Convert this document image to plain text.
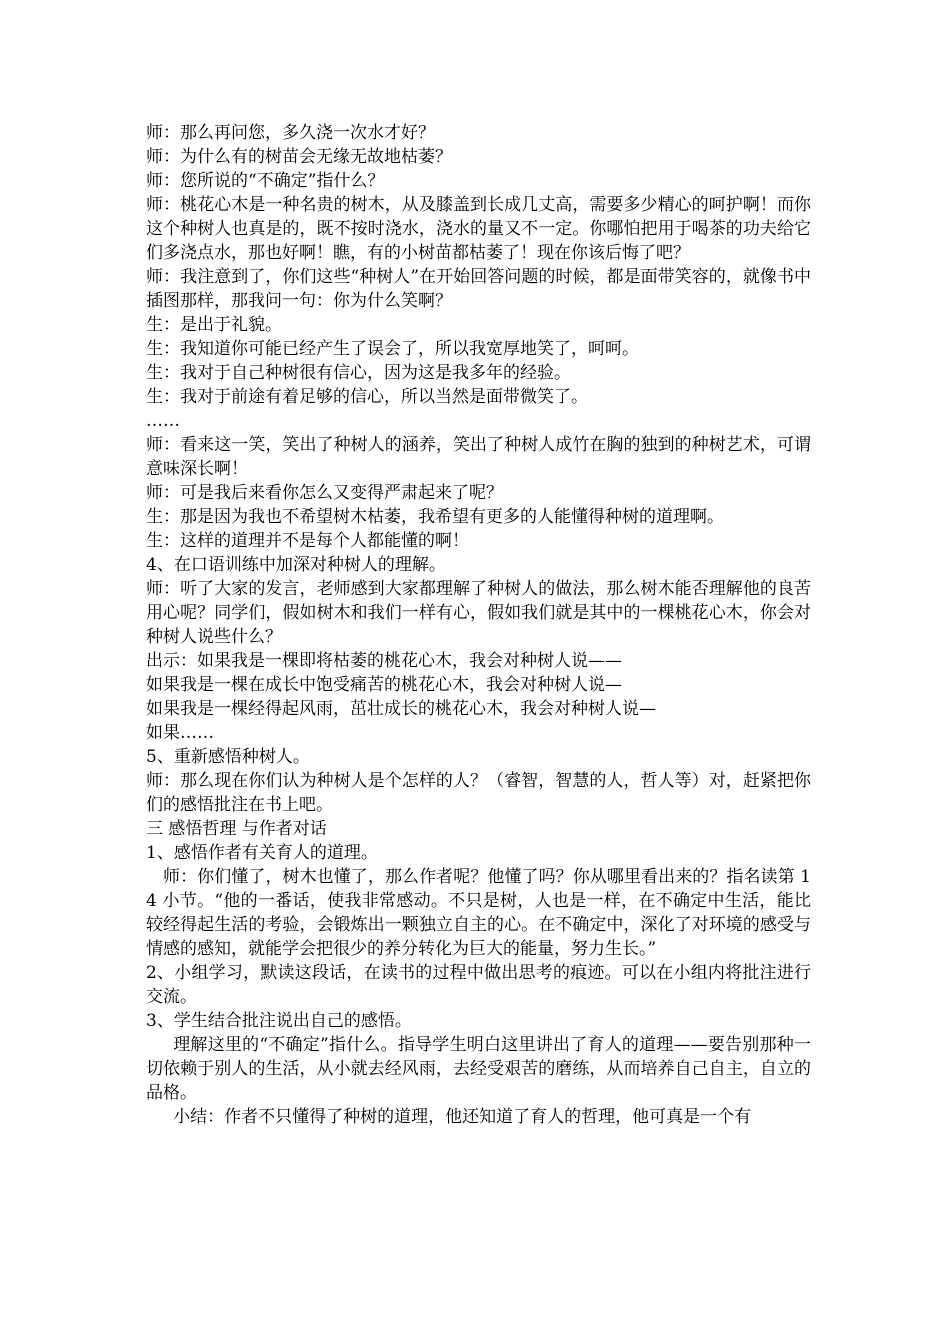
师：那么再问您，多久浇一次水才好？

师：为什么有的树苗会无缘无故地枯萎？

师：您所说的“不确定”指什么？

师：桃花心木是一种名贵的树木，从及膝盖到长成几丈高，需要多少精心的呵护啊！而你这个种树人也真是的，既不按时浇水，浇水的量又不一定。你哪怕把用于喝茶的功夫给它们多浇点水，那也好啊！瞧，有的小树苗都枯萎了！现在你该后悔了吧？

师：我注意到了，你们这些“种树人”在开始回答问题的时候，都是面带笑容的，就像书中插图那样，那我问一句：你为什么笑啊？

生：是出于礼貌。

生：我知道你可能已经产生了误会了，所以我宽厚地笑了，呵呵。

生：我对于自己种树很有信心，因为这是我多年的经验。

生：我对于前途有着足够的信心，所以当然是面带微笑了。

……

师：看来这一笑，笑出了种树人的涵养，笑出了种树人成竹在胸的独到的种树艺术，可谓意味深长啊！

师：可是我后来看你怎么又变得严肃起来了呢？

生：那是因为我也不希望树木枯萎，我希望有更多的人能懂得种树的道理啊。

生：这样的道理并不是每个人都能懂的啊！

4、在口语训练中加深对种树人的理解。

师：听了大家的发言，老师感到大家都理解了种树人的做法，那么树木能否理解他的良苦用心呢？同学们，假如树木和我们一样有心，假如我们就是其中的一棵桃花心木，你会对种树人说些什么？

出示：如果我是一棵即将枯萎的桃花心木，我会对种树人说——

如果我是一棵在成长中饱受痛苦的桃花心木，我会对种树人说—

如果我是一棵经得起风雨，茁壮成长的桃花心木，我会对种树人说—

如果……

5、重新感悟种树人。

师：那么现在你们认为种树人是个怎样的人？（睿智，智慧的人，哲人等）对，赶紧把你们的感悟批注在书上吧。

三 感悟哲理 与作者对话

1、感悟作者有关育人的道理。

师：你们懂了，树木也懂了，那么作者呢？他懂了吗？你从哪里看出来的？指名读第 14 小节。“他的一番话，使我非常感动。不只是树，人也是一样，在不确定中生活，能比较经得起生活的考验，会锻炼出一颗独立自主的心。在不确定中，深化了对环境的感受与情感的感知，就能学会把很少的养分转化为巨大的能量，努力生长。”

2、小组学习，默读这段话，在读书的过程中做出思考的痕迹。可以在小组内将批注进行交流。

3、学生结合批注说出自己的感悟。

理解这里的“不确定”指什么。指导学生明白这里讲出了育人的道理——要告别那种一切依赖于别人的生活，从小就去经风雨，去经受艰苦的磨练，从而培养自己自主，自立的品格。

小结：作者不只懂得了种树的道理，他还知道了育人的哲理，他可真是一个有
